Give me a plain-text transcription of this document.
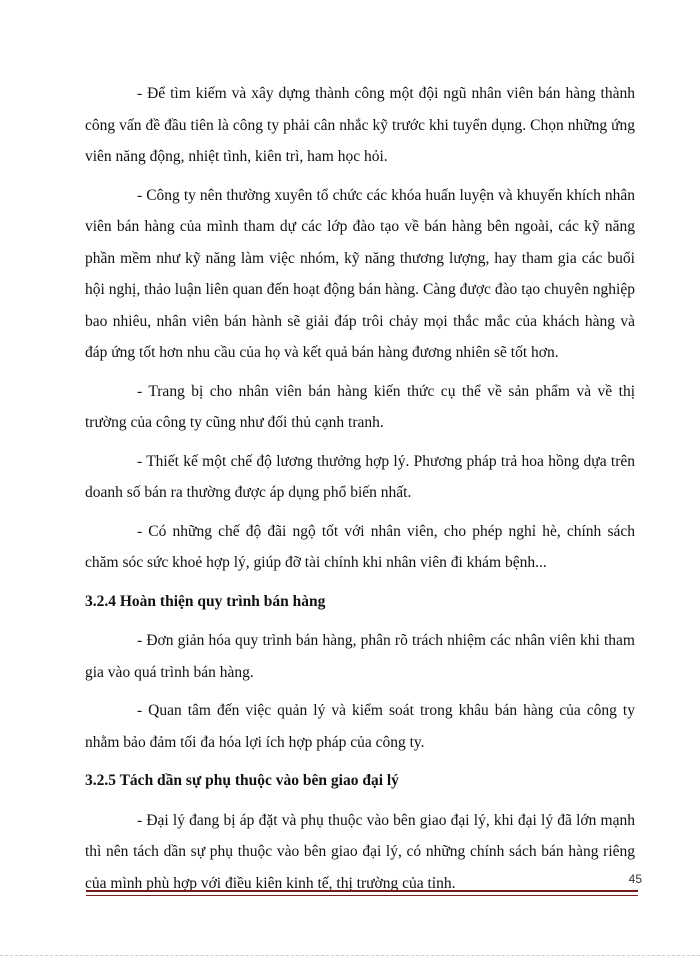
- Để tìm kiếm và xây dựng thành công một đội ngũ nhân viên bán hàng thành công vấn đề đầu tiên là công ty phải cân nhắc kỹ trước khi tuyển dụng. Chọn những ứng viên năng động, nhiệt tình, kiên trì, ham học hỏi.

- Công ty nên thường xuyên tổ chức các khóa huấn luyện và khuyến khích nhân viên bán hàng của mình tham dự các lớp đào tạo về bán hàng bên ngoài, các kỹ năng phần mềm như kỹ năng làm việc nhóm, kỹ năng thương lượng, hay tham gia các buổi hội nghị, thảo luận liên quan đến hoạt động bán hàng. Càng được đào tạo chuyên nghiệp bao nhiêu, nhân viên bán hành sẽ giải đáp trôi chảy mọi thắc mắc của khách hàng và đáp ứng tốt hơn nhu cầu của họ và kết quả bán hàng đương nhiên sẽ tốt hơn.

- Trang bị cho nhân viên bán hàng kiến thức cụ thể về sản phẩm và về thị trường của công ty cũng như đối thủ cạnh tranh.

- Thiết kế một chế độ lương thưởng hợp lý. Phương pháp trả hoa hồng dựa trên doanh số bán ra thường được áp dụng phổ biến nhất.

- Có những chế độ đãi ngộ tốt với nhân viên, cho phép nghỉ hè, chính sách chăm sóc sức khoẻ hợp lý, giúp đỡ tài chính khi nhân viên đi khám bệnh...

3.2.4 Hoàn thiện quy trình bán hàng

- Đơn giản hóa quy trình bán hàng, phân rõ trách nhiệm các nhân viên khi tham gia vào quá trình bán hàng.

- Quan tâm đến việc quản lý và kiểm soát trong khâu bán hàng của công ty nhằm bảo đảm tối đa hóa lợi ích hợp pháp của công ty.

3.2.5 Tách dần sự phụ thuộc vào bên giao đại lý

- Đại lý đang bị áp đặt và phụ thuộc vào bên giao đại lý, khi đại lý đã lớn mạnh thì nên tách dần sự phụ thuộc vào bên giao đại lý, có những chính sách bán hàng riêng của mình phù hợp với điều kiên kinh tế, thị trường của tỉnh.	45
